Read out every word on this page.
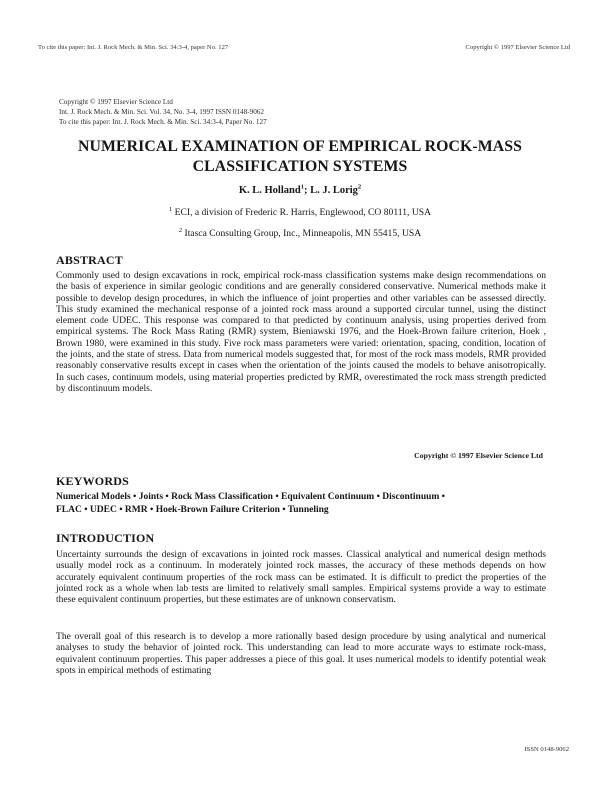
To cite this paper: Int. J. Rock Mech. & Min. Sci. 34:3-4, paper No. 127	Copyright © 1997 Elsevier Science Ltd
Copyright © 1997 Elsevier Science Ltd
Int. J. Rock Mech. & Min. Sci. Vol. 34, No. 3-4, 1997 ISSN 0148-9062
To cite this paper: Int. J. Rock Mech. & Min. Sci. 34:3-4, Paper No. 127
NUMERICAL EXAMINATION OF EMPIRICAL ROCK-MASS
CLASSIFICATION SYSTEMS
K. L. Holland$^1$; L. J. Lorig$^2$
$^1$ ECI, a division of Frederic R. Harris, Englewood, CO 80111, USA
$^2$ Itasca Consulting Group, Inc., Minneapolis, MN 55415, USA
ABSTRACT
Commonly used to design excavations in rock, empirical rock-mass classification systems make design recommendations on the basis of experience in similar geologic conditions and are generally considered conservative. Numerical methods make it possible to develop design procedures, in which the influence of joint properties and other variables can be assessed directly. This study examined the mechanical response of a jointed rock mass around a supported circular tunnel, using the distinct element code UDEC. This response was compared to that predicted by continuum analysis, using properties derived from empirical systems. The Rock Mass Rating (RMR) system, Bieniawski 1976, and the Hoek-Brown failure criterion, Hoek , Brown 1980, were examined in this study. Five rock mass parameters were varied: orientation, spacing, condition, location of the joints, and the state of stress. Data from numerical models suggested that, for most of the rock mass models, RMR provided reasonably conservative results except in cases when the orientation of the joints caused the models to behave anisotropically. In such cases, continuum models, using material properties predicted by RMR, overestimated the rock mass strength predicted by discontinuum models.
Copyright © 1997 Elsevier Science Ltd
KEYWORDS
Numerical Models • Joints • Rock Mass Classification • Equivalent Continuum • Discontinuum •
FLAC • UDEC • RMR • Hoek-Brown Failure Criterion • Tunneling
INTRODUCTION
Uncertainty surrounds the design of excavations in jointed rock masses. Classical analytical and numerical design methods usually model rock as a continuum. In moderately jointed rock masses, the accuracy of these methods depends on how accurately equivalent continuum properties of the rock mass can be estimated. It is difficult to predict the properties of the jointed rock as a whole when lab tests are limited to relatively small samples. Empirical systems provide a way to estimate these equivalent continuum properties, but these estimates are of unknown conservatism.
The overall goal of this research is to develop a more rationally based design procedure by using analytical and numerical analyses to study the behavior of jointed rock. This understanding can lead to more accurate ways to estimate rock-mass, equivalent continuum properties. This paper addresses a piece of this goal. It uses numerical models to identify potential weak spots in empirical methods of estimating
ISSN 0148-9062
